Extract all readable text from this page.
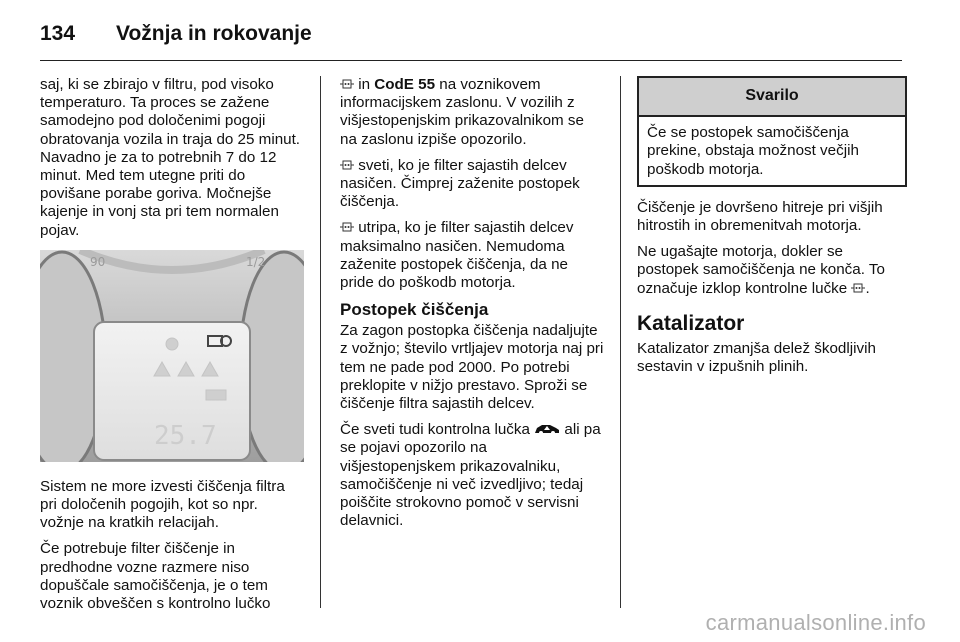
134 Vožnja in rokovanje

saj, ki se zbirajo v filtru, pod visoko temperaturo. Ta proces se zažene samodejno pod določenimi pogoji obratovanja vozila in traja do 25 minut. Navadno je za to potrebnih 7 do 12 minut. Med tem utegne priti do povišane porabe goriva. Močnejše kajenje in vonj sta pri tem normalen pojav.

90	1/2
25.7

Sistem ne more izvesti čiščenja filtra pri določenih pogojih, kot so npr. vožnje na kratkih relacijah.

Če potrebuje filter čiščenje in predhodne vozne razmere niso dopuščale samočiščenja, je o tem voznik obveščen s kontrolno lučko

in CodE 55 na voznikovem informacijskem zaslonu. V vozilih z višjestopenjskim prikazovalnikom se na zaslonu izpiše opozorilo.

sveti, ko je filter sajastih delcev nasičen. Čimprej zaženite postopek čiščenja.

utripa, ko je filter sajastih delcev maksimalno nasičen. Nemudoma zaženite postopek čiščenja, da ne pride do poškodb motorja.

Postopek čiščenja

Za zagon postopka čiščenja nadaljujte z vožnjo; število vrtljajev motorja naj pri tem ne pade pod 2000. Po potrebi preklopite v nižjo prestavo. Sproži se čiščenje filtra sajastih delcev.

Če sveti tudi kontrolna lučka  ali pa se pojavi opozorilo na višjestopenjskem prikazovalniku, samočiščenje ni več izvedljivo; tedaj poiščite strokovno pomoč v servisni delavnici.

Svarilo
Če se postopek samočiščenja prekine, obstaja možnost večjih poškodb motorja.

Čiščenje je dovršeno hitreje pri višjih hitrostih in obremenitvah motorja.

Ne ugašajte motorja, dokler se postopek samočiščenja ne konča. To označuje izklop kontrolne lučke .

Katalizator

Katalizator zmanjša delež škodljivih sestavin v izpušnih plinih.

carmanualsonline.info
